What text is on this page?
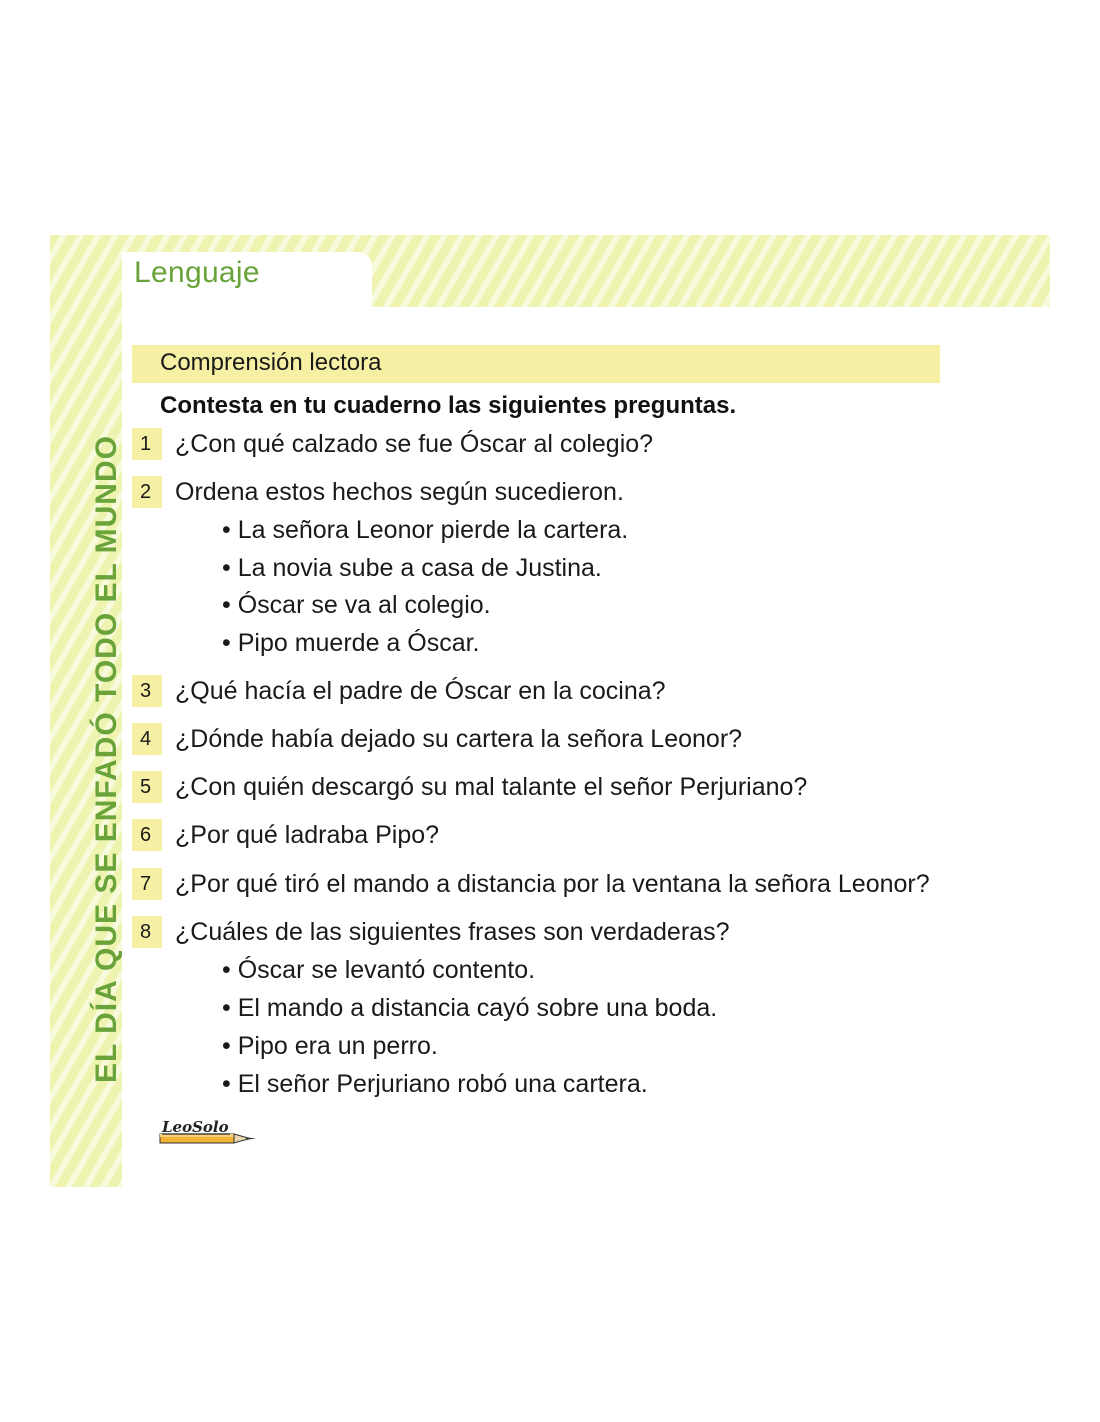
Lenguaje
EL DÍA QUE SE ENFADÓ TODO EL MUNDO
Comprensión lectora
Contesta en tu cuaderno las siguientes preguntas.
1 ¿Con qué calzado se fue Óscar al colegio?
2 Ordena estos hechos según sucedieron.
• La señora Leonor pierde la cartera.
• La novia sube a casa de Justina.
• Óscar se va al colegio.
• Pipo muerde a Óscar.
3 ¿Qué hacía el padre de Óscar en la cocina?
4 ¿Dónde había dejado su cartera la señora Leonor?
5 ¿Con quién descargó su mal talante el señor Perjuriano?
6 ¿Por qué ladraba Pipo?
7 ¿Por qué tiró el mando a distancia por la ventana la señora Leonor?
8 ¿Cuáles de las siguientes frases son verdaderas?
• Óscar se levantó contento.
• El mando a distancia cayó sobre una boda.
• Pipo era un perro.
• El señor Perjuriano robó una cartera.
LeoSolo
